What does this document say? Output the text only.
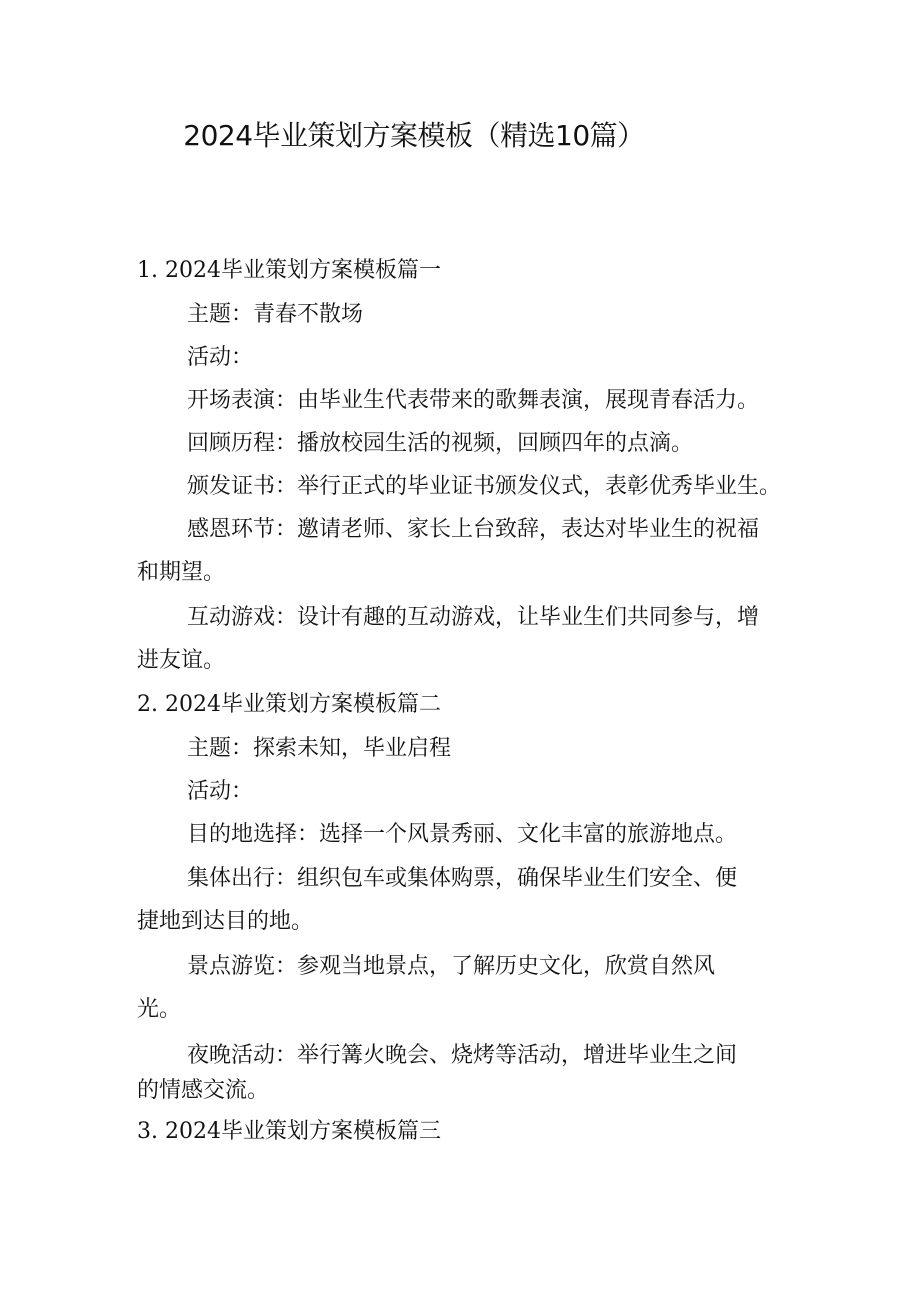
2024毕业策划方案模板（精选10篇）
1. 2024毕业策划方案模板篇一
主题：青春不散场
活动：
开场表演：由毕业生代表带来的歌舞表演，展现青春活力。
回顾历程：播放校园生活的视频，回顾四年的点滴。
颁发证书：举行正式的毕业证书颁发仪式，表彰优秀毕业生。
感恩环节：邀请老师、家长上台致辞，表达对毕业生的祝福
和期望。
互动游戏：设计有趣的互动游戏，让毕业生们共同参与，增
进友谊。
2. 2024毕业策划方案模板篇二
主题：探索未知，毕业启程
活动：
目的地选择：选择一个风景秀丽、文化丰富的旅游地点。
集体出行：组织包车或集体购票，确保毕业生们安全、便
捷地到达目的地。
景点游览：参观当地景点，了解历史文化，欣赏自然风
光。
夜晚活动：举行篝火晚会、烧烤等活动，增进毕业生之间
的情感交流。
3. 2024毕业策划方案模板篇三
